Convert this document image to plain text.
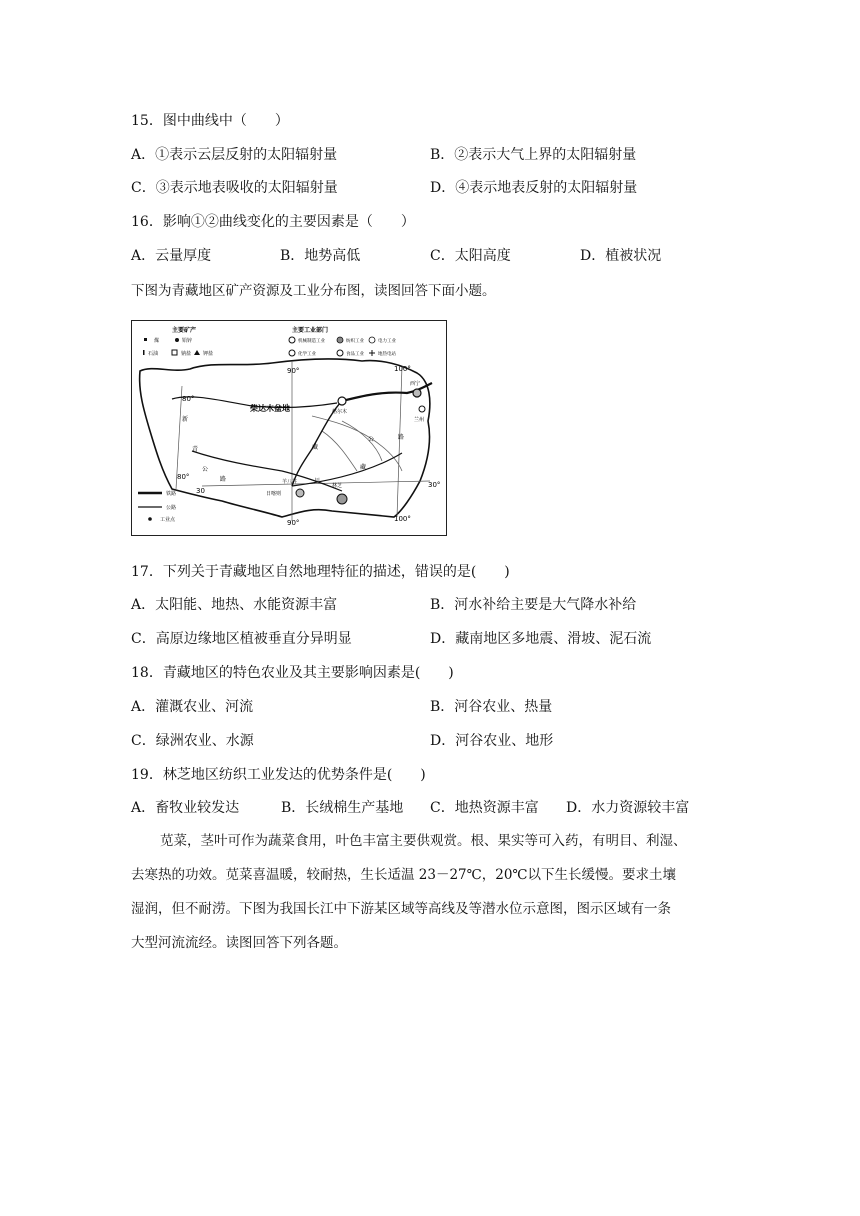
15．图中曲线中（　　）
A．①表示云层反射的太阳辐射量	B．②表示大气上界的太阳辐射量
C．③表示地表吸收的太阳辐射量	D．④表示地表反射的太阳辐射量
16．影响①②曲线变化的主要因素是（　　）
A．云量厚度	B．地势高低	C．太阳高度	D．植被状况
下图为青藏地区矿产资源及工业分布图，读图回答下面小题。
主要矿产	主要工业部门
煤	铅锌
石油	钠盐 钾盐
机械制造工业	纺织工业	电力工业
化学工业	食品工业	地热电站
柴达木盆地
西宁
格尔木
兰州
羊八井
日喀则
林芝
80°
80°
90°
90°
100°
100°
30
30°
青	藏
公
路
新
川
藏
公	路
铁路
公路
工业点
17．下列关于青藏地区自然地理特征的描述，错误的是(　　)
A．太阳能、地热、水能资源丰富	B．河水补给主要是大气降水补给
C．高原边缘地区植被垂直分异明显	D．藏南地区多地震、滑坡、泥石流
18．青藏地区的特色农业及其主要影响因素是(　　)
A．灌溉农业、河流	B．河谷农业、热量
C．绿洲农业、水源	D．河谷农业、地形
19．林芝地区纺织工业发达的优势条件是(　　)
A．畜牧业较发达	B．长绒棉生产基地 C．地热资源丰富 D．水力资源较丰富
苋菜，茎叶可作为蔬菜食用，叶色丰富主要供观赏。根、果实等可入药，有明目、利湿、
去寒热的功效。苋菜喜温暖，较耐热，生长适温 23－27℃，20℃以下生长缓慢。要求土壤
湿润，但不耐涝。下图为我国长江中下游某区域等高线及等潜水位示意图，图示区域有一条
大型河流流经。读图回答下列各题。
